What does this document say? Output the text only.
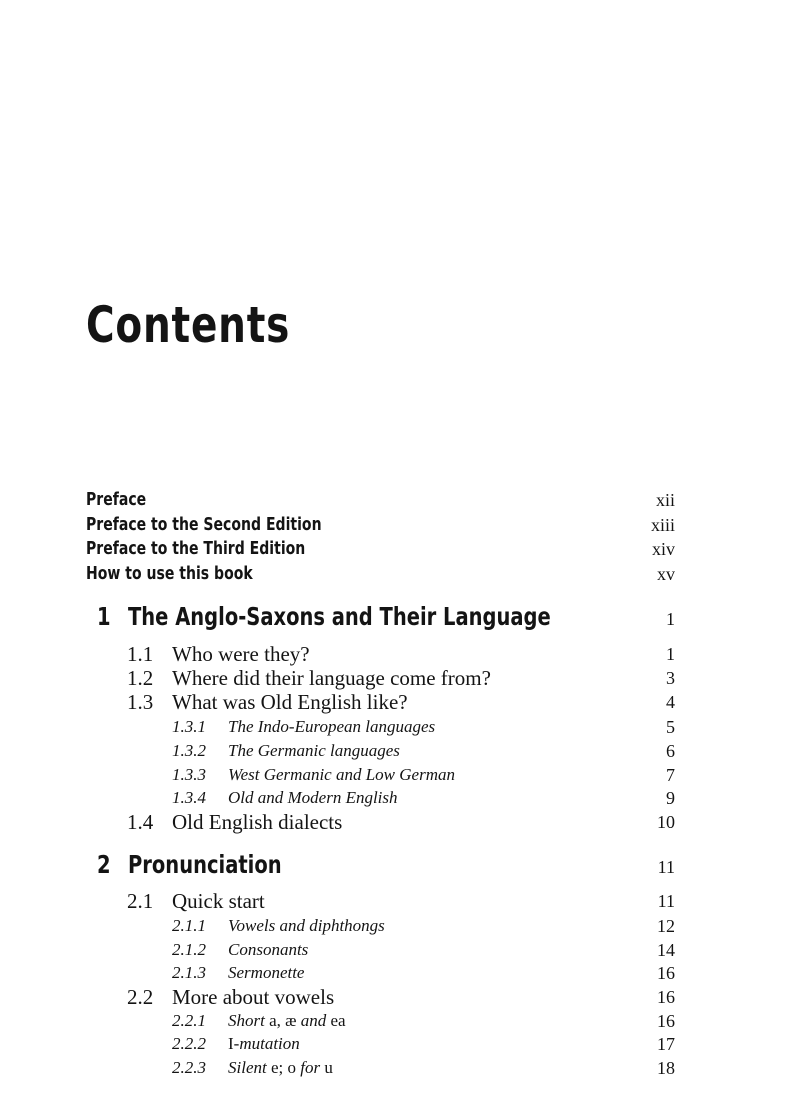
Contents
Preface	xii
Preface to the Second Edition	xiii
Preface to the Third Edition	xiv
How to use this book	xv
1 The Anglo-Saxons and Their Language	1
1.1 Who were they?	1
1.2 Where did their language come from?	3
1.3 What was Old English like?	4
1.3.1 The Indo-European languages	5
1.3.2 The Germanic languages	6
1.3.3 West Germanic and Low German	7
1.3.4 Old and Modern English	9
1.4 Old English dialects	10
2 Pronunciation	11
2.1 Quick start	11
2.1.1 Vowels and diphthongs	12
2.1.2 Consonants	14
2.1.3 Sermonette	16
2.2 More about vowels	16
2.2.1 Short a, æ and ea	16
2.2.2 I-mutation	17
2.2.3 Silent e; o for u	18
